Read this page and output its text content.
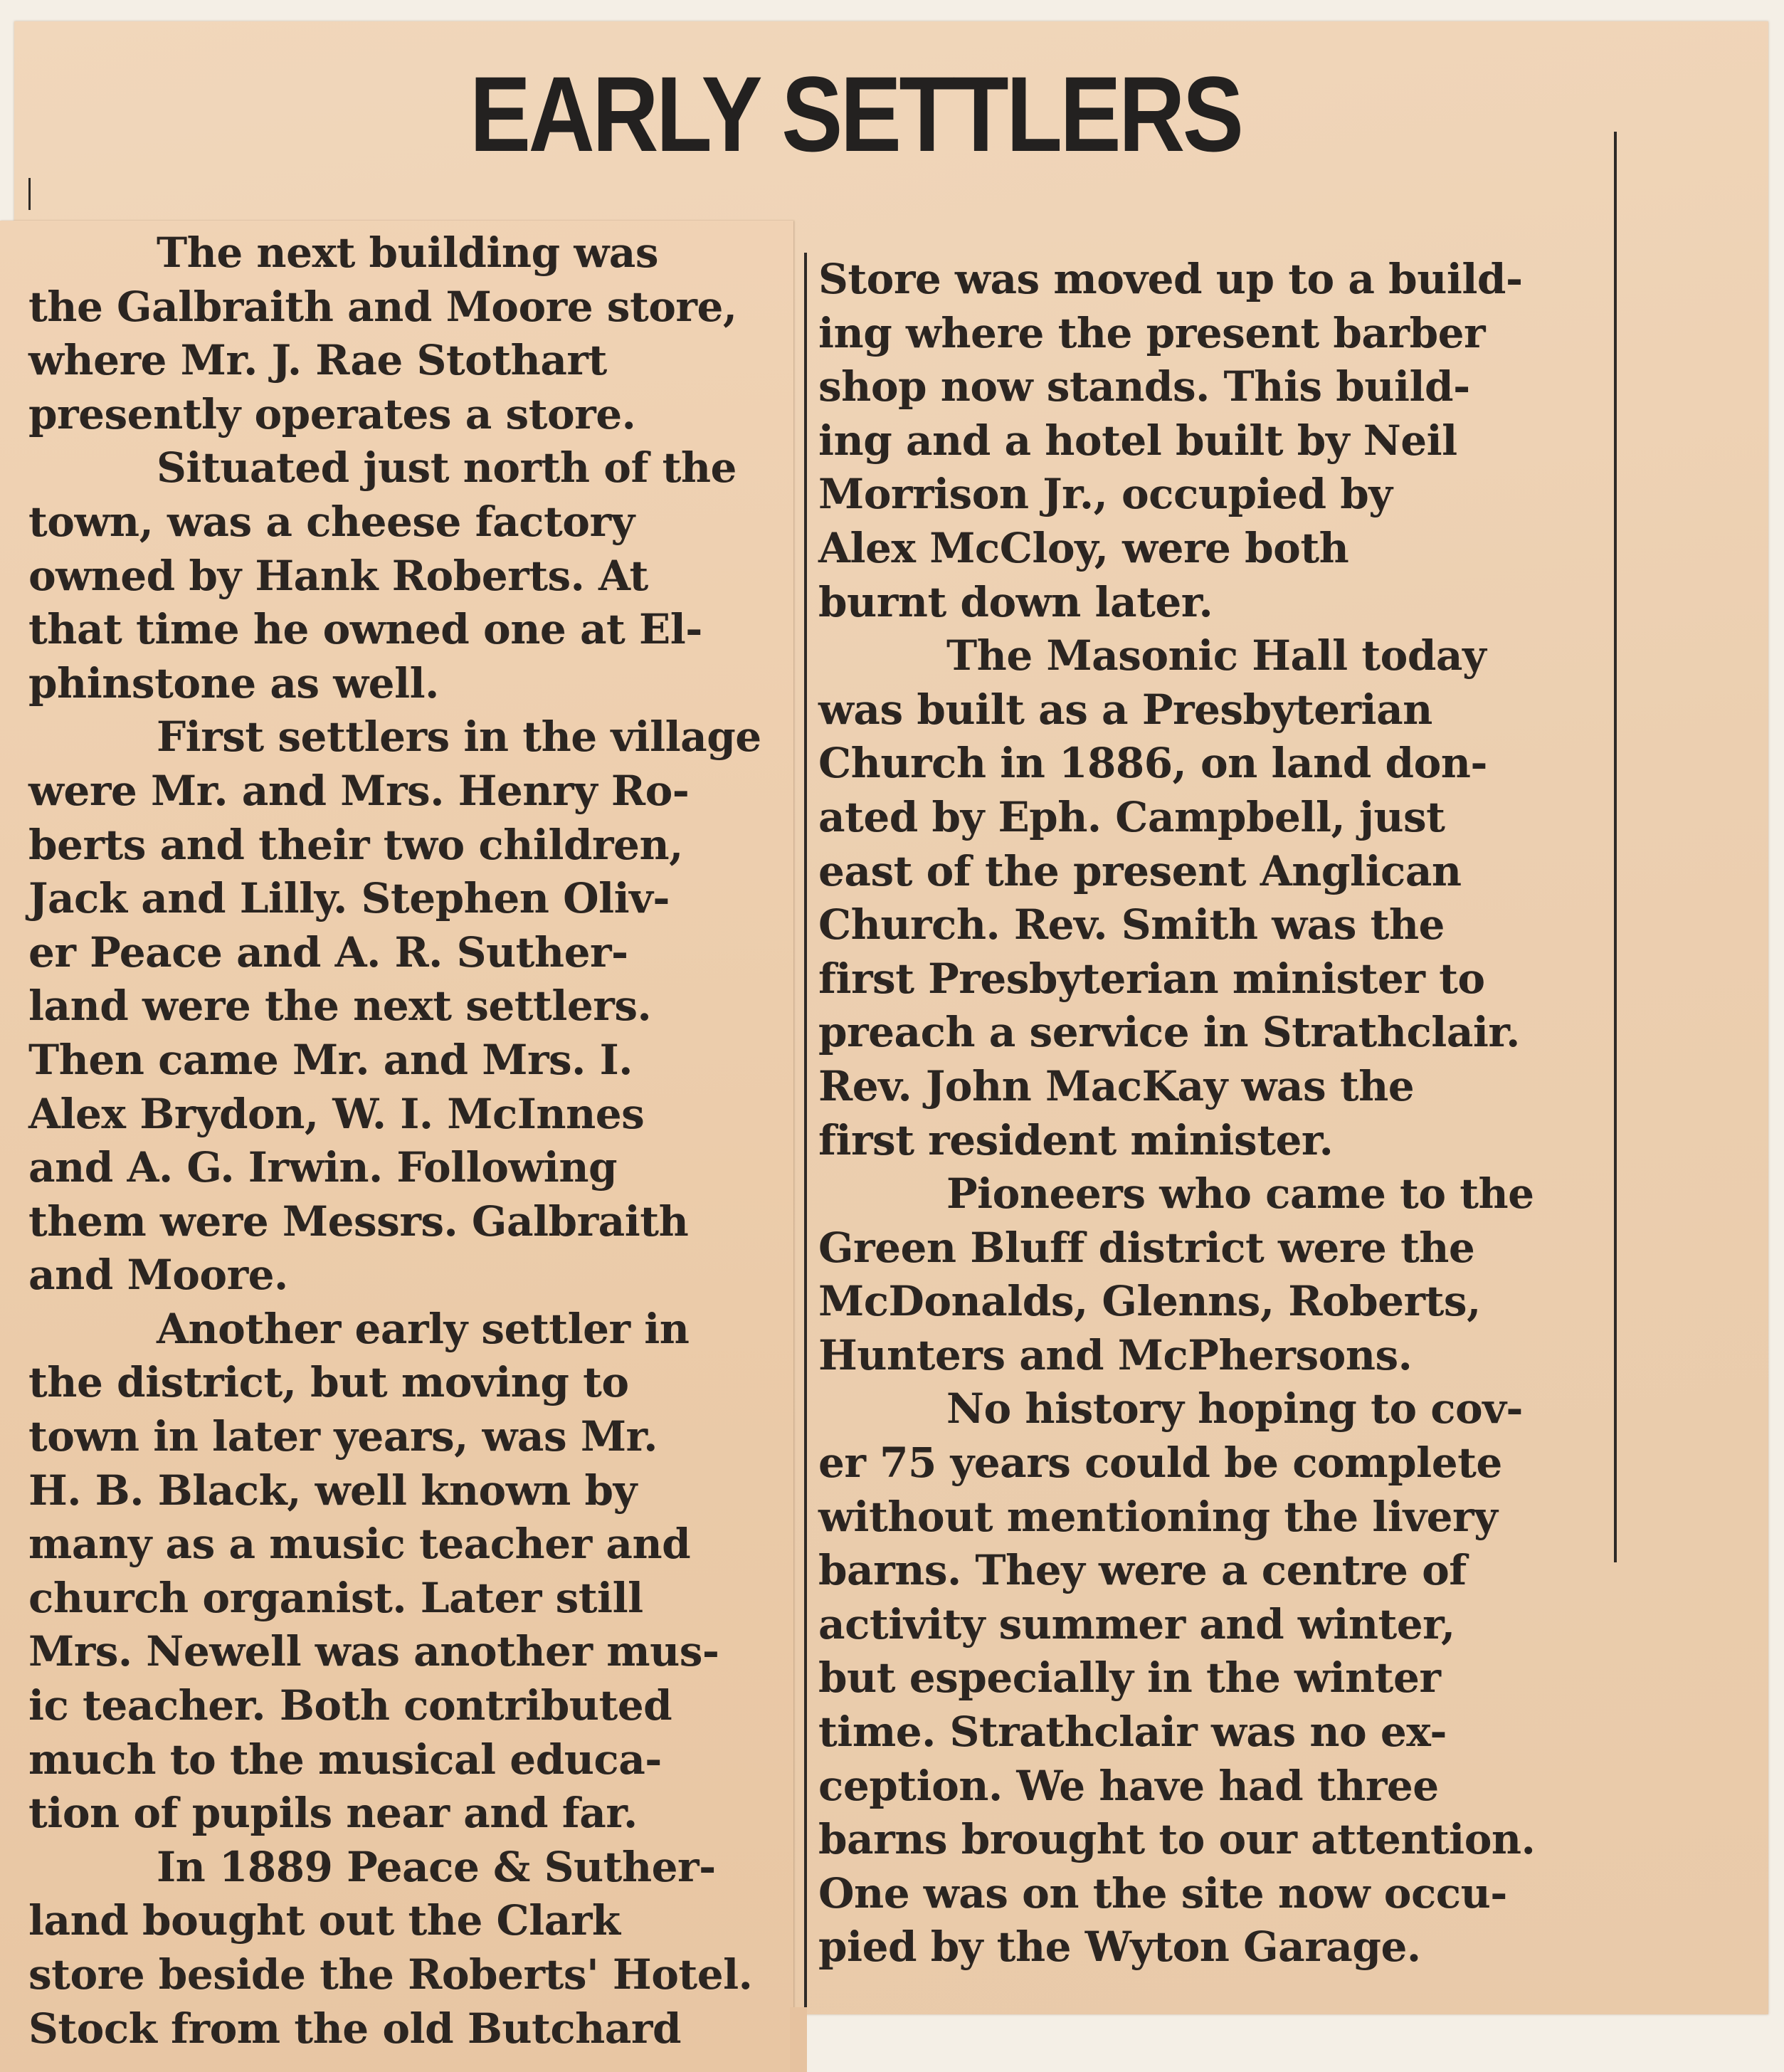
EARLY SETTLERS
The next building was
the Galbraith and Moore store,
where Mr. J. Rae Stothart
presently operates a store.
Situated just north of the
town, was a cheese factory
owned by Hank Roberts. At
that time he owned one at El-
phinstone as well.
First settlers in the village
were Mr. and Mrs. Henry Ro-
berts and their two children,
Jack and Lilly. Stephen Oliv-
er Peace and A. R. Suther-
land were the next settlers.
Then came Mr. and Mrs. I.
Alex Brydon, W. I. McInnes
and A. G. Irwin. Following
them were Messrs. Galbraith
and Moore.
Another early settler in
the district, but moving to
town in later years, was Mr.
H. B. Black, well known by
many as a music teacher and
church organist. Later still
Mrs. Newell was another mus-
ic teacher. Both contributed
much to the musical educa-
tion of pupils near and far.
In 1889 Peace & Suther-
land bought out the Clark
store beside the Roberts' Hotel.
Stock from the old Butchard
Store was moved up to a build-
ing where the present barber
shop now stands. This build-
ing and a hotel built by Neil
Morrison Jr., occupied by
Alex McCloy, were both
burnt down later.
The Masonic Hall today
was built as a Presbyterian
Church in 1886, on land don-
ated by Eph. Campbell, just
east of the present Anglican
Church. Rev. Smith was the
first Presbyterian minister to
preach a service in Strathclair.
Rev. John MacKay was the
first resident minister.
Pioneers who came to the
Green Bluff district were the
McDonalds, Glenns, Roberts,
Hunters and McPhersons.
No history hoping to cov-
er 75 years could be complete
without mentioning the livery
barns. They were a centre of
activity summer and winter,
but especially in the winter
time. Strathclair was no ex-
ception. We have had three
barns brought to our attention.
One was on the site now occu-
pied by the Wyton Garage.
